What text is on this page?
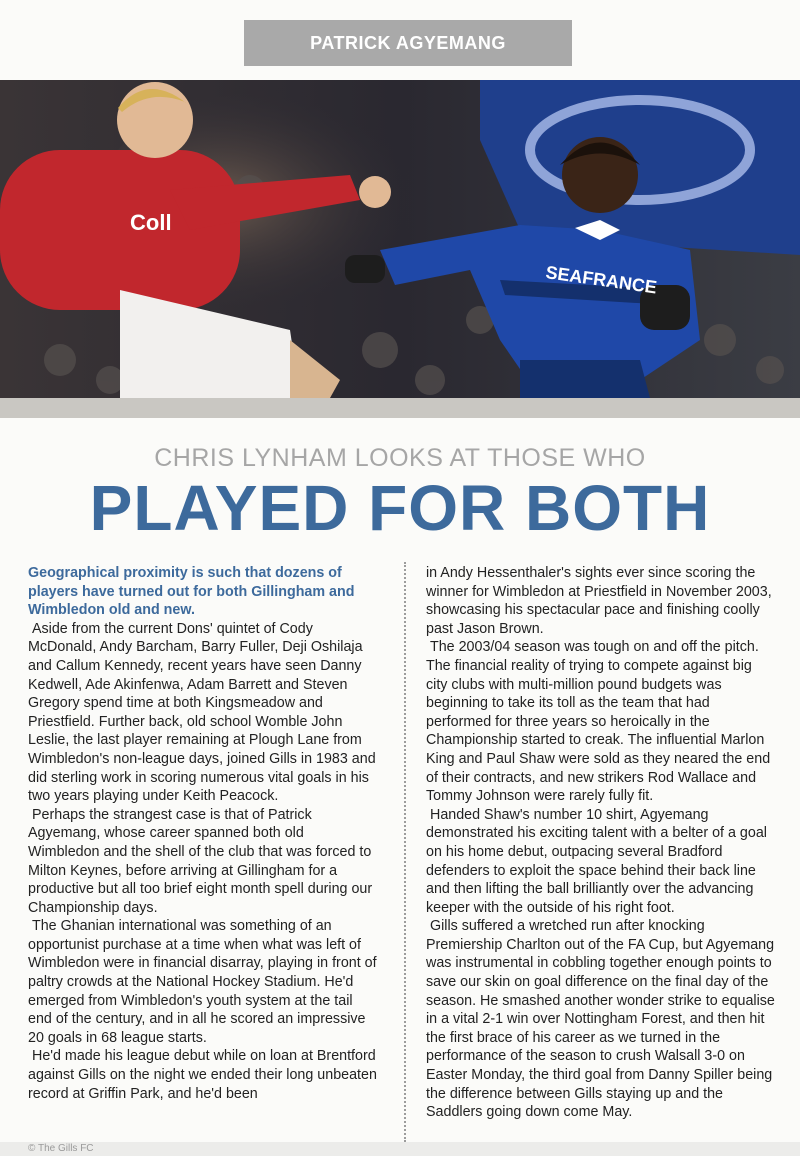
PATRICK AGYEMANG
Coll
SEAFRANCE
CHRIS LYNHAM LOOKS AT THOSE WHO
PLAYED FOR BOTH

Geographical proximity is such that dozens of players have turned out for both Gillingham and Wimbledon old and new.

Aside from the current Dons' quintet of Cody McDonald, Andy Barcham, Barry Fuller, Deji Oshilaja and Callum Kennedy, recent years have seen Danny Kedwell, Ade Akinfenwa, Adam Barrett and Steven Gregory spend time at both Kingsmeadow and Priestfield. Further back, old school Womble John Leslie, the last player remaining at Plough Lane from Wimbledon's non-league days, joined Gills in 1983 and did sterling work in scoring numerous vital goals in his two years playing under Keith Peacock.

Perhaps the strangest case is that of Patrick Agyemang, whose career spanned both old Wimbledon and the shell of the club that was forced to Milton Keynes, before arriving at Gillingham for a productive but all too brief eight month spell during our Championship days.

The Ghanian international was something of an opportunist purchase at a time when what was left of Wimbledon were in financial disarray, playing in front of paltry crowds at the National Hockey Stadium. He'd emerged from Wimbledon's youth system at the tail end of the century, and in all he scored an impressive 20 goals in 68 league starts.

He'd made his league debut while on loan at Brentford against Gills on the night we ended their long unbeaten record at Griffin Park, and he'd been

in Andy Hessenthaler's sights ever since scoring the winner for Wimbledon at Priestfield in November 2003, showcasing his spectacular pace and finishing coolly past Jason Brown.

The 2003/04 season was tough on and off the pitch. The financial reality of trying to compete against big city clubs with multi-million pound budgets was beginning to take its toll as the team that had performed for three years so heroically in the Championship started to creak. The influential Marlon King and Paul Shaw were sold as they neared the end of their contracts, and new strikers Rod Wallace and Tommy Johnson were rarely fully fit.

Handed Shaw's number 10 shirt, Agyemang demonstrated his exciting talent with a belter of a goal on his home debut, outpacing several Bradford defenders to exploit the space behind their back line and then lifting the ball brilliantly over the advancing keeper with the outside of his right foot.

Gills suffered a wretched run after knocking Premiership Charlton out of the FA Cup, but Agyemang was instrumental in cobbling together enough points to save our skin on goal difference on the final day of the season. He smashed another wonder strike to equalise in a vital 2-1 win over Nottingham Forest, and then hit the first brace of his career as we turned in the performance of the season to crush Walsall 3-0 on Easter Monday, the third goal from Danny Spiller being the difference between Gills staying up and the Saddlers going down come May.

© The Gills FC
